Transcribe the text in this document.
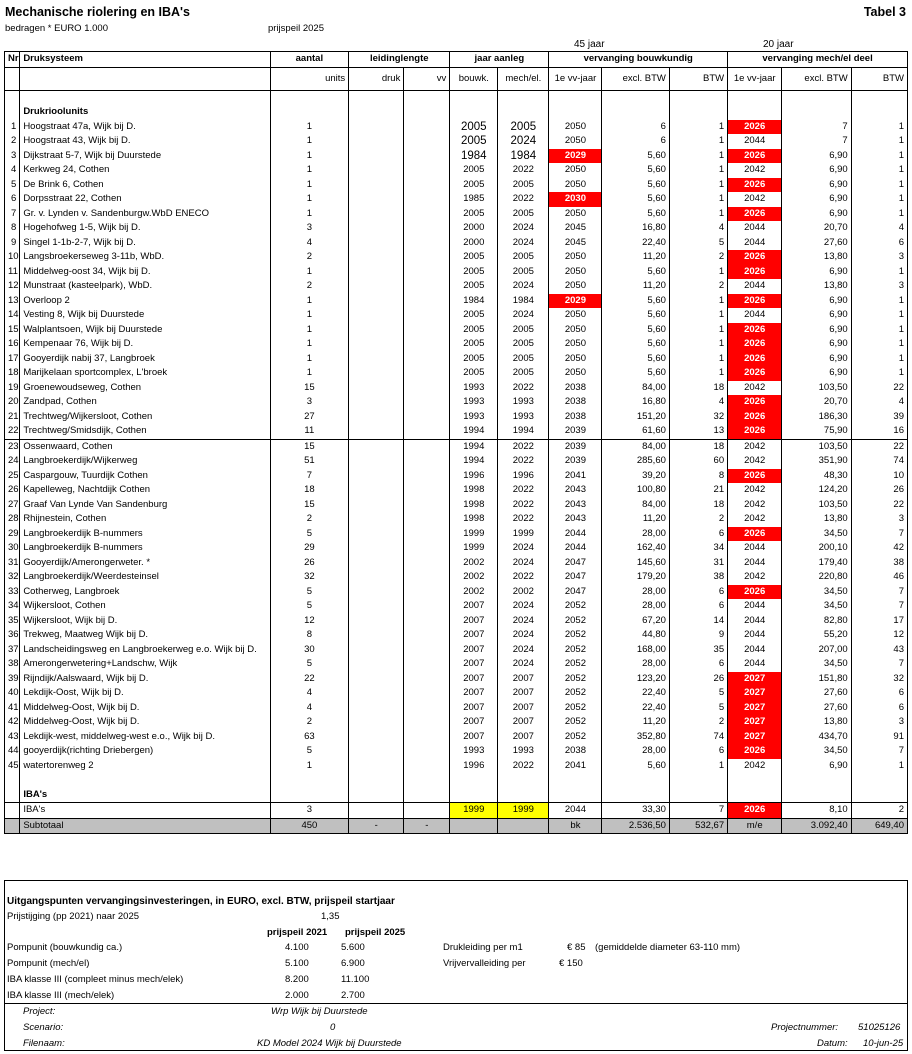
Mechanische riolering en IBA's	Tabel 3
bedragen * EURO 1.000	prijspeil 2025
45 jaar	20 jaar
Nr	Druksysteem	aantal	leidinglengte		jaar aanleg		vervanging bouwkundig			vervanging mech/el deel		
		units	druk	vv	bouwk.	mech/el.	1e vv-jaar	excl. BTW	BTW	1e vv-jaar	excl. BTW	BTW

	Drukrioolunits											
1	Hoogstraat 47a, Wijk bij D.	1			2005	2005	2050	6	1	2026	7	1
2	Hoogstraat 43, Wijk bij D.	1			2005	2024	2050	6	1	2044	7	1
3	Dijkstraat 5-7, Wijk bij Duurstede	1			1984	1984	2029	5,60	1	2026	6,90	1
4	Kerkweg 24, Cothen	1			2005	2022	2050	5,60	1	2042	6,90	1
5	De Brink 6, Cothen	1			2005	2005	2050	5,60	1	2026	6,90	1
6	Dorpsstraat 22, Cothen	1			1985	2022	2030	5,60	1	2042	6,90	1
7	Gr. v. Lynden v. Sandenburgw.WbD ENECO	1			2005	2005	2050	5,60	1	2026	6,90	1
8	Hogehofweg 1-5, Wijk bij D.	3			2000	2024	2045	16,80	4	2044	20,70	4
9	Singel 1-1b-2-7, Wijk bij D.	4			2000	2024	2045	22,40	5	2044	27,60	6
10	Langsbroekerseweg 3-11b, WbD.	2			2005	2005	2050	11,20	2	2026	13,80	3
11	Middelweg-oost 34, Wijk bij D.	1			2005	2005	2050	5,60	1	2026	6,90	1
12	Munstraat (kasteelpark), WbD.	2			2005	2024	2050	11,20	2	2044	13,80	3
13	Overloop 2	1			1984	1984	2029	5,60	1	2026	6,90	1
14	Vesting 8, Wijk bij Duurstede	1			2005	2024	2050	5,60	1	2044	6,90	1
15	Walplantsoen, Wijk bij Duurstede	1			2005	2005	2050	5,60	1	2026	6,90	1
16	Kempenaar 76, Wijk bij D.	1			2005	2005	2050	5,60	1	2026	6,90	1
17	Gooyerdijk nabij 37, Langbroek	1			2005	2005	2050	5,60	1	2026	6,90	1
18	Marijkelaan sportcomplex, L'broek	1			2005	2005	2050	5,60	1	2026	6,90	1
19	Groenewoudseweg, Cothen	15			1993	2022	2038	84,00	18	2042	103,50	22
20	Zandpad, Cothen	3			1993	1993	2038	16,80	4	2026	20,70	4
21	Trechtweg/Wijkersloot, Cothen	27			1993	1993	2038	151,20	32	2026	186,30	39
22	Trechtweg/Smidsdijk, Cothen	11			1994	1994	2039	61,60	13	2026	75,90	16
23	Ossenwaard, Cothen	15			1994	2022	2039	84,00	18	2042	103,50	22
24	Langbroekerdijk/Wijkerweg	51			1994	2022	2039	285,60	60	2042	351,90	74
25	Caspargouw, Tuurdijk Cothen	7			1996	1996	2041	39,20	8	2026	48,30	10
26	Kapelleweg, Nachtdijk Cothen	18			1998	2022	2043	100,80	21	2042	124,20	26
27	Graaf Van Lynde Van Sandenburg	15			1998	2022	2043	84,00	18	2042	103,50	22
28	Rhijnestein, Cothen	2			1998	2022	2043	11,20	2	2042	13,80	3
29	Langbroekerdijk B-nummers	5			1999	1999	2044	28,00	6	2026	34,50	7
30	Langbroekerdijk B-nummers	29			1999	2024	2044	162,40	34	2044	200,10	42
31	Gooyerdijk/Amerongerweter. *	26			2002	2024	2047	145,60	31	2044	179,40	38
32	Langbroekerdijk/Weerdesteinsel	32			2002	2022	2047	179,20	38	2042	220,80	46
33	Cotherweg, Langbroek	5			2002	2002	2047	28,00	6	2026	34,50	7
34	Wijkersloot, Cothen	5			2007	2024	2052	28,00	6	2044	34,50	7
35	Wijkersloot, Wijk bij D.	12			2007	2024	2052	67,20	14	2044	82,80	17
36	Trekweg, Maatweg Wijk bij D.	8			2007	2024	2052	44,80	9	2044	55,20	12
37	Landscheidingsweg en Langbroekerweg e.o. Wijk bij D.	30			2007	2024	2052	168,00	35	2044	207,00	43
38	Amerongerwetering+Landschw, Wijk	5			2007	2024	2052	28,00	6	2044	34,50	7
39	Rijndijk/Aalswaard, Wijk bij D.	22			2007	2007	2052	123,20	26	2027	151,80	32
40	Lekdijk-Oost, Wijk bij D.	4			2007	2007	2052	22,40	5	2027	27,60	6
41	Middelweg-Oost, Wijk bij D.	4			2007	2007	2052	22,40	5	2027	27,60	6
42	Middelweg-Oost, Wijk bij D.	2			2007	2007	2052	11,20	2	2027	13,80	3
43	Lekdijk-west, middelweg-west e.o., Wijk bij D.	63			2007	2007	2052	352,80	74	2027	434,70	91
44	gooyerdijk(richting Driebergen)	5			1993	1993	2038	28,00	6	2026	34,50	7
45	watertorenweg 2	1			1996	2022	2041	5,60	1	2042	6,90	1

	IBA's											
	IBA's	3			1999	1999	2044	33,30	7	2026	8,10	2
	Subtotaal	450	-	-			bk	2.536,50	532,67	m/e	3.092,40	649,40
Uitgangspunten vervangingsinvesteringen, in EURO, excl. BTW, prijspeil startjaar
Prijstijging (pp 2021) naar 2025	1,35
prijspeil 2021 prijspeil 2025
Pompunit (bouwkundig ca.)	4.100	5.600
Pompunit (mech/el)	5.100	6.900
IBA klasse III (compleet minus mech/elek)	8.200	11.100
IBA klasse III (mech/elek)	2.000	2.700
Drukleiding per m1	€ 85 (gemiddelde diameter 63-110 mm)
Vrijvervalleiding per	€ 150
Project:	Wrp Wijk bij Duurstede
Scenario:	0
Filenaam:	KD Model 2024 Wijk bij Duurstede
Projectnummer: 51025126
Datum: 10-jun-25
